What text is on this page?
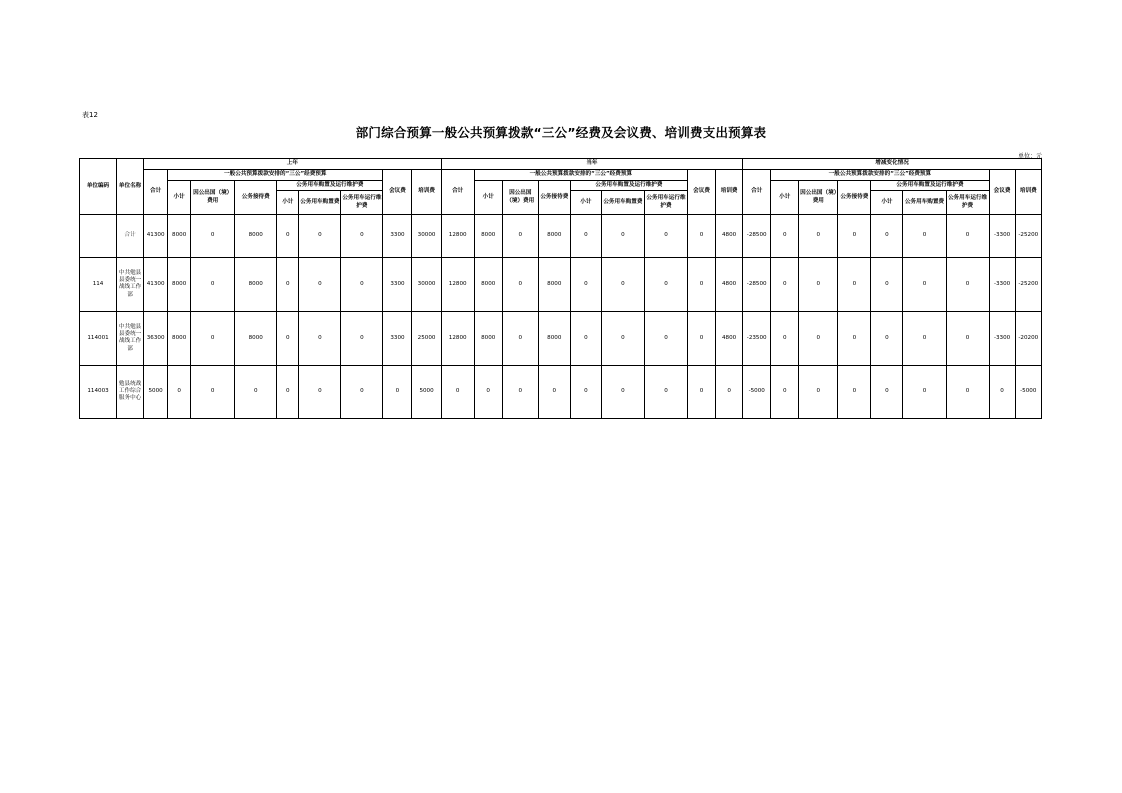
表12
部门综合预算一般公共预算拨款“三公”经费及会议费、培训费支出预算表
单位：元
单位编码	单位名称	上年									当年									增减变化情况								
		合计	一般公共预算拨款安排的“三公”经费预算						会议费	培训费	合计	一般公共预算拨款安排的“三公”经费预算						会议费	培训费	合计	一般公共预算拨款安排的“三公”经费预算						会议费	培训费
			小计	因公出国（境）费用	公务接待费	公务用车购置及运行维护费						小计	因公出国（境）费用	公务接待费	公务用车购置及运行维护费						小计	因公出国（境）费用	公务接待费	公务用车购置及运行维护费				
						小计	公务用车购置费	公务用车运行维护费							小计	公务用车购置费	公务用车运行维护费							小计	公务用车购置费	公务用车运行维护费		
	合计	41300	8000	0	8000	0	0	0	3300	30000	12800	8000	0	8000	0	0	0	0	4800	-28500	0	0	0	0	0	0	-3300	-25200
114	中共勉县县委统一战线工作部	41300	8000	0	8000	0	0	0	3300	30000	12800	8000	0	8000	0	0	0	0	4800	-28500	0	0	0	0	0	0	-3300	-25200
114001	中共勉县县委统一战线工作部	36300	8000	0	8000	0	0	0	3300	25000	12800	8000	0	8000	0	0	0	0	4800	-23500	0	0	0	0	0	0	-3300	-20200
114003	勉县统战工作综合服务中心	5000	0	0	0	0	0	0	0	5000	0	0	0	0	0	0	0	0	0	-5000	0	0	0	0	0	0	0	-5000
